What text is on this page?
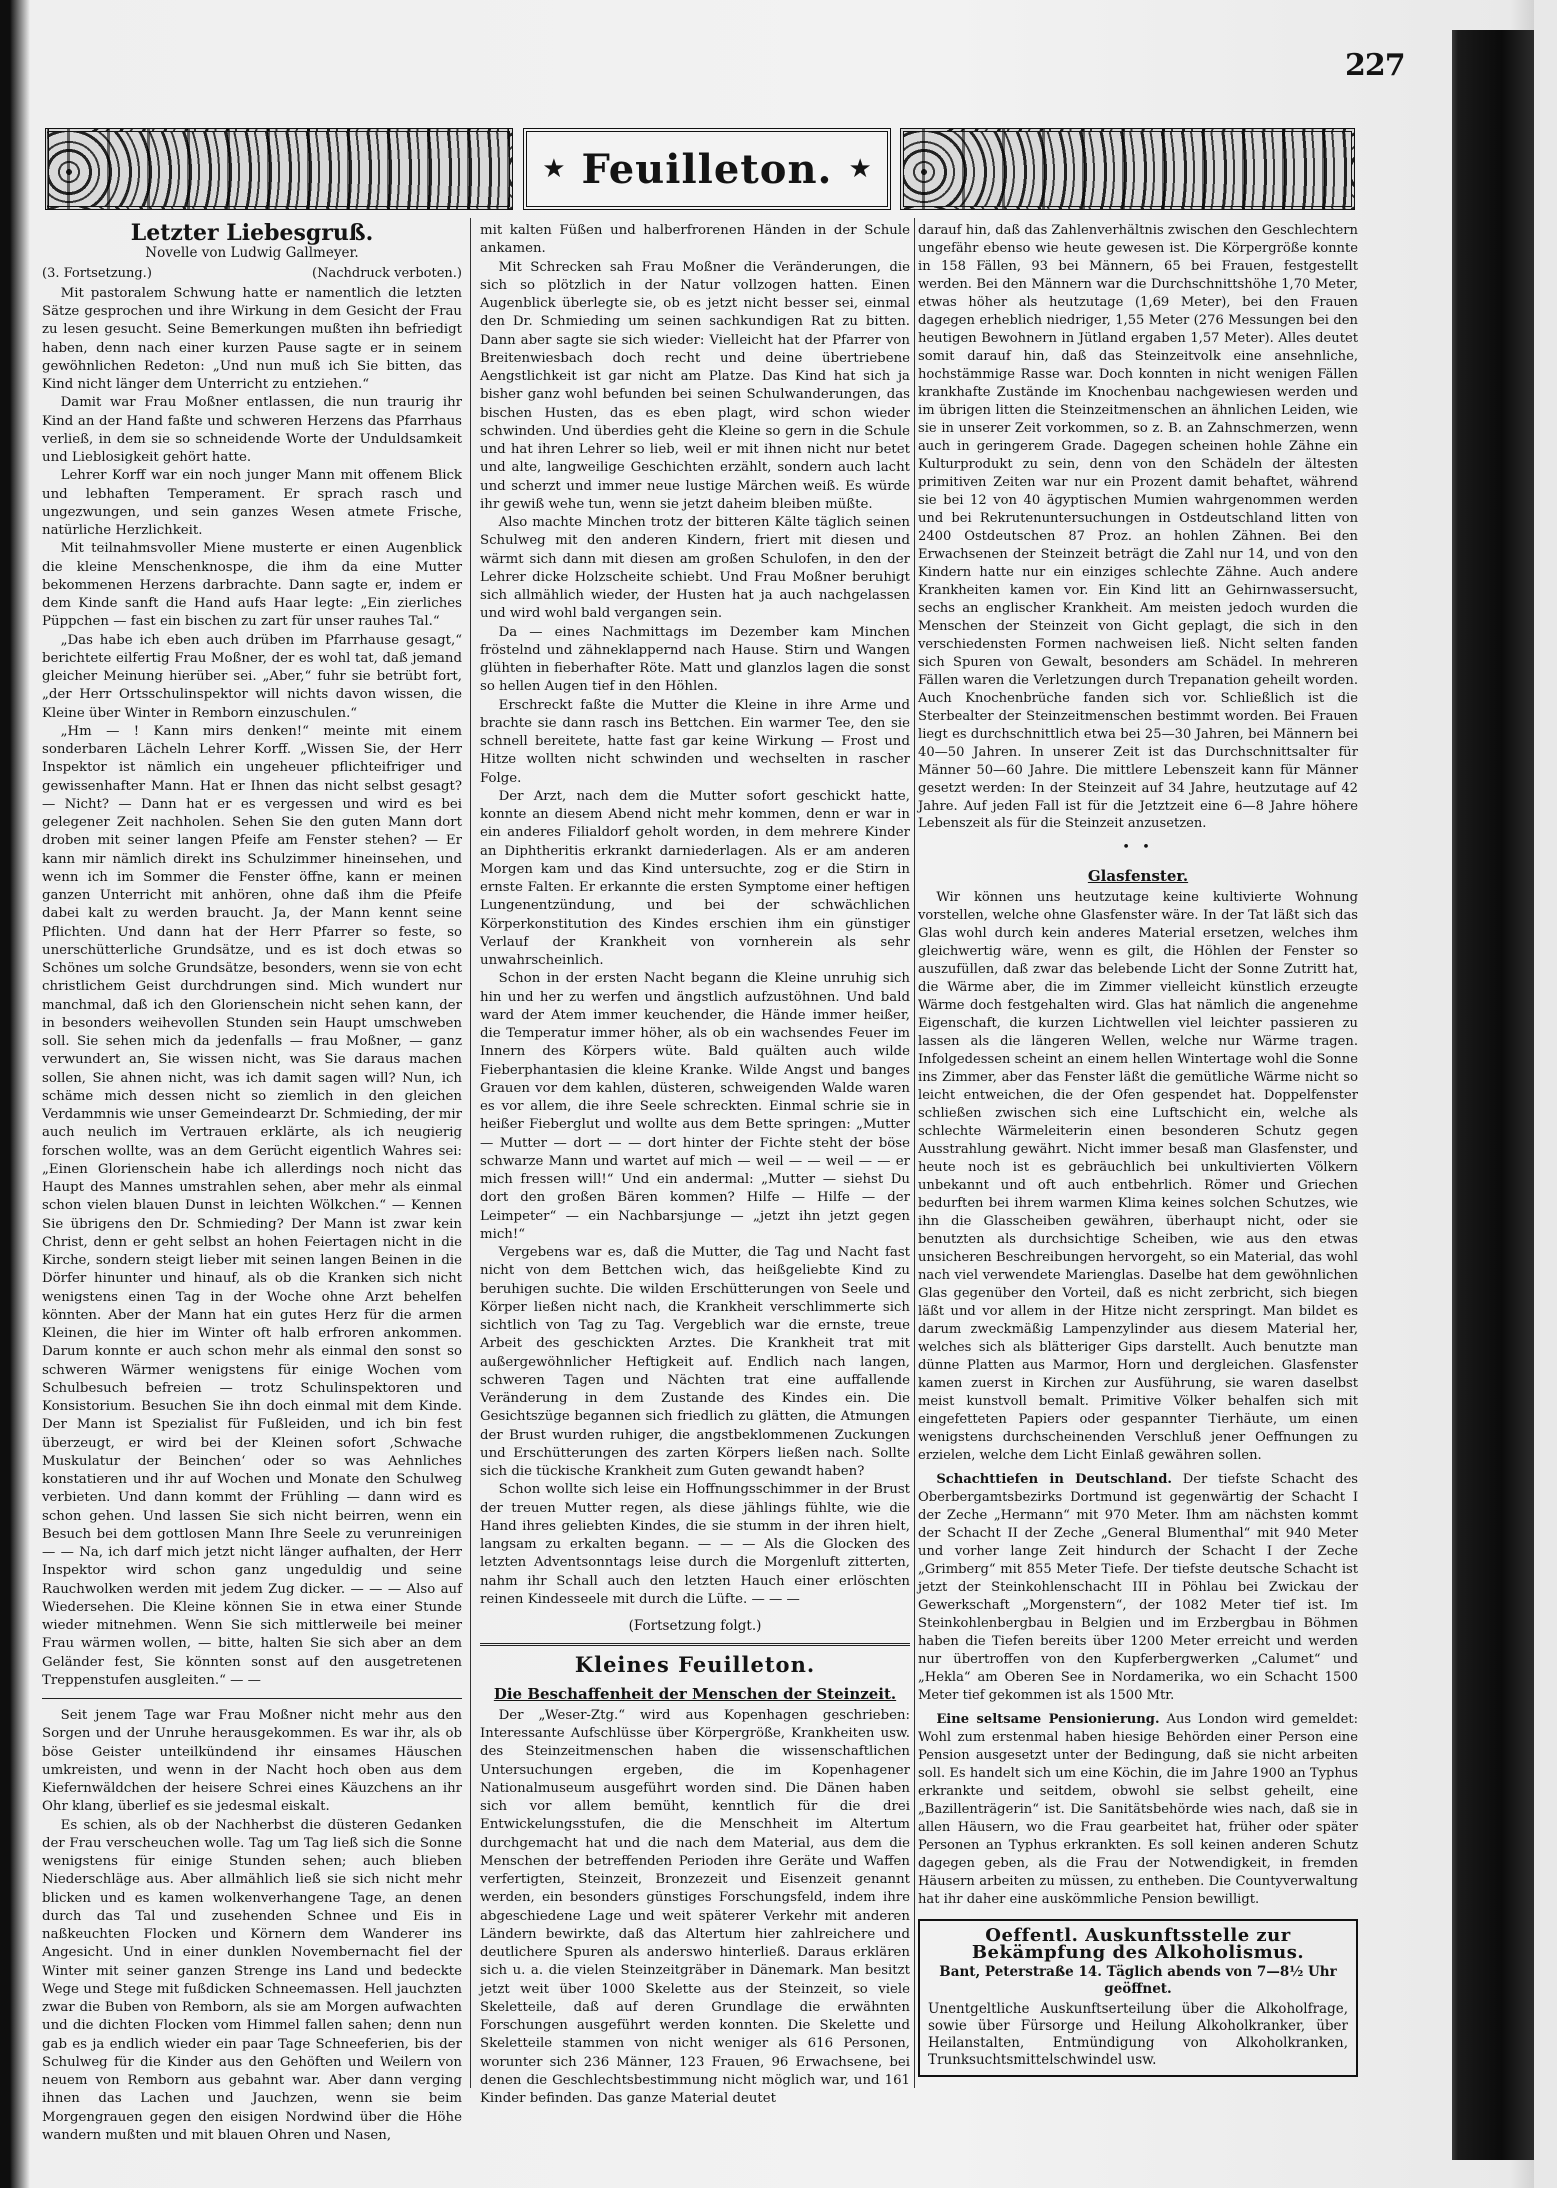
227
★ Feuilleton. ★
Letzter Liebesgruß.
Novelle von Ludwig Gallmeyer.
(3. Fortsetzung.)	(Nachdruck verboten.)

Mit pastoralem Schwung hatte er namentlich die letzten Sätze gesprochen und ihre Wirkung in dem Gesicht der Frau zu lesen gesucht. Seine Bemerkungen mußten ihn befriedigt haben, denn nach einer kurzen Pause sagte er in seinem gewöhnlichen Redeton: „Und nun muß ich Sie bitten, das Kind nicht länger dem Unterricht zu entziehen.“

Damit war Frau Moßner entlassen, die nun traurig ihr Kind an der Hand faßte und schweren Herzens das Pfarrhaus verließ, in dem sie so schneidende Worte der Unduldsamkeit und Lieblosigkeit gehört hatte.

Lehrer Korff war ein noch junger Mann mit offenem Blick und lebhaften Temperament. Er sprach rasch und ungezwungen, und sein ganzes Wesen atmete Frische, natürliche Herzlichkeit.

Mit teilnahmsvoller Miene musterte er einen Augenblick die kleine Menschenknospe, die ihm da eine Mutter bekommenen Herzens darbrachte. Dann sagte er, indem er dem Kinde sanft die Hand aufs Haar legte: „Ein zierliches Püppchen — fast ein bischen zu zart für unser rauhes Tal.“

„Das habe ich eben auch drüben im Pfarrhause gesagt,“ berichtete eilfertig Frau Moßner, der es wohl tat, daß jemand gleicher Meinung hierüber sei. „Aber,“ fuhr sie betrübt fort, „der Herr Ortsschulinspektor will nichts davon wissen, die Kleine über Winter in Remborn einzuschulen.“

„Hm — ! Kann mirs denken!“ meinte mit einem sonderbaren Lächeln Lehrer Korff. „Wissen Sie, der Herr Inspektor ist nämlich ein ungeheuer pflichteifriger und gewissenhafter Mann. Hat er Ihnen das nicht selbst gesagt? — Nicht? — Dann hat er es vergessen und wird es bei gelegener Zeit nachholen. Sehen Sie den guten Mann dort droben mit seiner langen Pfeife am Fenster stehen? — Er kann mir nämlich direkt ins Schulzimmer hineinsehen, und wenn ich im Sommer die Fenster öffne, kann er meinen ganzen Unterricht mit anhören, ohne daß ihm die Pfeife dabei kalt zu werden braucht. Ja, der Mann kennt seine Pflichten. Und dann hat der Herr Pfarrer so feste, so unerschütterliche Grundsätze, und es ist doch etwas so Schönes um solche Grundsätze, besonders, wenn sie von echt christlichem Geist durchdrungen sind. Mich wundert nur manchmal, daß ich den Glorienschein nicht sehen kann, der in besonders weihevollen Stunden sein Haupt umschweben soll. Sie sehen mich da jedenfalls — frau Moßner, — ganz verwundert an, Sie wissen nicht, was Sie daraus machen sollen, Sie ahnen nicht, was ich damit sagen will? Nun, ich schäme mich dessen nicht so ziemlich in den gleichen Verdammnis wie unser Gemeindearzt Dr. Schmieding, der mir auch neulich im Vertrauen erklärte, als ich neugierig forschen wollte, was an dem Gerücht eigentlich Wahres sei: „Einen Glorienschein habe ich allerdings noch nicht das Haupt des Mannes umstrahlen sehen, aber mehr als einmal schon vielen blauen Dunst in leichten Wölkchen.“ — Kennen Sie übrigens den Dr. Schmieding? Der Mann ist zwar kein Christ, denn er geht selbst an hohen Feiertagen nicht in die Kirche, sondern steigt lieber mit seinen langen Beinen in die Dörfer hinunter und hinauf, als ob die Kranken sich nicht wenigstens einen Tag in der Woche ohne Arzt behelfen könnten. Aber der Mann hat ein gutes Herz für die armen Kleinen, die hier im Winter oft halb erfroren ankommen. Darum konnte er auch schon mehr als einmal den sonst so schweren Wärmer wenigstens für einige Wochen vom Schulbesuch befreien — trotz Schulinspektoren und Konsistorium. Besuchen Sie ihn doch einmal mit dem Kinde. Der Mann ist Spezialist für Fußleiden, und ich bin fest überzeugt, er wird bei der Kleinen sofort ‚Schwache Muskulatur der Beinchen‘ oder so was Aehnliches konstatieren und ihr auf Wochen und Monate den Schulweg verbieten. Und dann kommt der Frühling — dann wird es schon gehen. Und lassen Sie sich nicht beirren, wenn ein Besuch bei dem gottlosen Mann Ihre Seele zu verunreinigen — — Na, ich darf mich jetzt nicht länger aufhalten, der Herr Inspektor wird schon ganz ungeduldig und seine Rauchwolken werden mit jedem Zug dicker. — — — Also auf Wiedersehen. Die Kleine können Sie in etwa einer Stunde wieder mitnehmen. Wenn Sie sich mittlerweile bei meiner Frau wärmen wollen, — bitte, halten Sie sich aber an dem Geländer fest, Sie könnten sonst auf den ausgetretenen Treppenstufen ausgleiten.“ — —

Seit jenem Tage war Frau Moßner nicht mehr aus den Sorgen und der Unruhe herausgekommen. Es war ihr, als ob böse Geister unteilkündend ihr einsames Häuschen umkreisten, und wenn in der Nacht hoch oben aus dem Kiefernwäldchen der heisere Schrei eines Käuzchens an ihr Ohr klang, überlief es sie jedesmal eiskalt.

Es schien, als ob der Nachherbst die düsteren Gedanken der Frau verscheuchen wolle. Tag um Tag ließ sich die Sonne wenigstens für einige Stunden sehen; auch blieben Niederschläge aus. Aber allmählich ließ sie sich nicht mehr blicken und es kamen wolkenverhangene Tage, an denen durch das Tal und zusehenden Schnee und Eis in naßkeuchten Flocken und Körnern dem Wanderer ins Angesicht. Und in einer dunklen Novembernacht fiel der Winter mit seiner ganzen Strenge ins Land und bedeckte Wege und Stege mit fußdicken Schneemassen. Hell jauchzten zwar die Buben von Remborn, als sie am Morgen aufwachten und die dichten Flocken vom Himmel fallen sahen; denn nun gab es ja endlich wieder ein paar Tage Schneeferien, bis der Schulweg für die Kinder aus den Gehöften und Weilern von neuem von Remborn aus gebahnt war. Aber dann verging ihnen das Lachen und Jauchzen, wenn sie beim Morgengrauen gegen den eisigen Nordwind über die Höhe wandern mußten und mit blauen Ohren und Nasen,

mit kalten Füßen und halberfrorenen Händen in der Schule ankamen.

Mit Schrecken sah Frau Moßner die Veränderungen, die sich so plötzlich in der Natur vollzogen hatten. Einen Augenblick überlegte sie, ob es jetzt nicht besser sei, einmal den Dr. Schmieding um seinen sachkundigen Rat zu bitten. Dann aber sagte sie sich wieder: Vielleicht hat der Pfarrer von Breitenwiesbach doch recht und deine übertriebene Aengstlichkeit ist gar nicht am Platze. Das Kind hat sich ja bisher ganz wohl befunden bei seinen Schulwanderungen, das bischen Husten, das es eben plagt, wird schon wieder schwinden. Und überdies geht die Kleine so gern in die Schule und hat ihren Lehrer so lieb, weil er mit ihnen nicht nur betet und alte, langweilige Geschichten erzählt, sondern auch lacht und scherzt und immer neue lustige Märchen weiß. Es würde ihr gewiß wehe tun, wenn sie jetzt daheim bleiben müßte.

Also machte Minchen trotz der bitteren Kälte täglich seinen Schulweg mit den anderen Kindern, friert mit diesen und wärmt sich dann mit diesen am großen Schulofen, in den der Lehrer dicke Holzscheite schiebt. Und Frau Moßner beruhigt sich allmählich wieder, der Husten hat ja auch nachgelassen und wird wohl bald vergangen sein.

Da — eines Nachmittags im Dezember kam Minchen fröstelnd und zähneklappernd nach Hause. Stirn und Wangen glühten in fieberhafter Röte. Matt und glanzlos lagen die sonst so hellen Augen tief in den Höhlen.

Erschreckt faßte die Mutter die Kleine in ihre Arme und brachte sie dann rasch ins Bettchen. Ein warmer Tee, den sie schnell bereitete, hatte fast gar keine Wirkung — Frost und Hitze wollten nicht schwinden und wechselten in rascher Folge.

Der Arzt, nach dem die Mutter sofort geschickt hatte, konnte an diesem Abend nicht mehr kommen, denn er war in ein anderes Filialdorf geholt worden, in dem mehrere Kinder an Diphtheritis erkrankt darniederlagen. Als er am anderen Morgen kam und das Kind untersuchte, zog er die Stirn in ernste Falten. Er erkannte die ersten Symptome einer heftigen Lungenentzündung, und bei der schwächlichen Körperkonstitution des Kindes erschien ihm ein günstiger Verlauf der Krankheit von vornherein als sehr unwahrscheinlich.

Schon in der ersten Nacht begann die Kleine unruhig sich hin und her zu werfen und ängstlich aufzustöhnen. Und bald ward der Atem immer keuchender, die Hände immer heißer, die Temperatur immer höher, als ob ein wachsendes Feuer im Innern des Körpers wüte. Bald quälten auch wilde Fieberphantasien die kleine Kranke. Wilde Angst und banges Grauen vor dem kahlen, düsteren, schweigenden Walde waren es vor allem, die ihre Seele schreckten. Einmal schrie sie in heißer Fieberglut und wollte aus dem Bette springen: „Mutter — Mutter — dort — — dort hinter der Fichte steht der böse schwarze Mann und wartet auf mich — weil — — weil — — er mich fressen will!“ Und ein andermal: „Mutter — siehst Du dort den großen Bären kommen? Hilfe — Hilfe — der Leimpeter“ — ein Nachbarsjunge — „jetzt ihn jetzt gegen mich!“

Vergebens war es, daß die Mutter, die Tag und Nacht fast nicht von dem Bettchen wich, das heißgeliebte Kind zu beruhigen suchte. Die wilden Erschütterungen von Seele und Körper ließen nicht nach, die Krankheit verschlimmerte sich sichtlich von Tag zu Tag. Vergeblich war die ernste, treue Arbeit des geschickten Arztes. Die Krankheit trat mit außergewöhnlicher Heftigkeit auf. Endlich nach langen, schweren Tagen und Nächten trat eine auffallende Veränderung in dem Zustande des Kindes ein. Die Gesichtszüge begannen sich friedlich zu glätten, die Atmungen der Brust wurden ruhiger, die angstbeklommenen Zuckungen und Erschütterungen des zarten Körpers ließen nach. Sollte sich die tückische Krankheit zum Guten gewandt haben?

Schon wollte sich leise ein Hoffnungsschimmer in der Brust der treuen Mutter regen, als diese jählings fühlte, wie die Hand ihres geliebten Kindes, die sie stumm in der ihren hielt, langsam zu erkalten begann. — — — Als die Glocken des letzten Adventsonntags leise durch die Morgenluft zitterten, nahm ihr Schall auch den letzten Hauch einer erlöschten reinen Kindesseele mit durch die Lüfte. — — —

(Fortsetzung folgt.)
Kleines Feuilleton.
Die Beschaffenheit der Menschen der Steinzeit.

Der „Weser-Ztg.“ wird aus Kopenhagen geschrieben: Interessante Aufschlüsse über Körpergröße, Krankheiten usw. des Steinzeitmenschen haben die wissenschaftlichen Untersuchungen ergeben, die im Kopenhagener Nationalmuseum ausgeführt worden sind. Die Dänen haben sich vor allem bemüht, kenntlich für die drei Entwickelungsstufen, die die Menschheit im Altertum durchgemacht hat und die nach dem Material, aus dem die Menschen der betreffenden Perioden ihre Geräte und Waffen verfertigten, Steinzeit, Bronzezeit und Eisenzeit genannt werden, ein besonders günstiges Forschungsfeld, indem ihre abgeschiedene Lage und weit späterer Verkehr mit anderen Ländern bewirkte, daß das Altertum hier zahlreichere und deutlichere Spuren als anderswo hinterließ. Daraus erklären sich u. a. die vielen Steinzeitgräber in Dänemark. Man besitzt jetzt weit über 1000 Skelette aus der Steinzeit, so viele Skeletteile, daß auf deren Grundlage die erwähnten Forschungen ausgeführt werden konnten. Die Skelette und Skeletteile stammen von nicht weniger als 616 Personen, worunter sich 236 Männer, 123 Frauen, 96 Erwachsene, bei denen die Geschlechtsbestimmung nicht möglich war, und 161 Kinder befinden. Das ganze Material deutet

darauf hin, daß das Zahlenverhältnis zwischen den Geschlechtern ungefähr ebenso wie heute gewesen ist. Die Körpergröße konnte in 158 Fällen, 93 bei Männern, 65 bei Frauen, festgestellt werden. Bei den Männern war die Durchschnittshöhe 1,70 Meter, etwas höher als heutzutage (1,69 Meter), bei den Frauen dagegen erheblich niedriger, 1,55 Meter (276 Messungen bei den heutigen Bewohnern in Jütland ergaben 1,57 Meter). Alles deutet somit darauf hin, daß das Steinzeitvolk eine ansehnliche, hochstämmige Rasse war. Doch konnten in nicht wenigen Fällen krankhafte Zustände im Knochenbau nachgewiesen werden und im übrigen litten die Steinzeitmenschen an ähnlichen Leiden, wie sie in unserer Zeit vorkommen, so z. B. an Zahnschmerzen, wenn auch in geringerem Grade. Dagegen scheinen hohle Zähne ein Kulturprodukt zu sein, denn von den Schädeln der ältesten primitiven Zeiten war nur ein Prozent damit behaftet, während sie bei 12 von 40 ägyptischen Mumien wahrgenommen werden und bei Rekrutenuntersuchungen in Ostdeutschland litten von 2400 Ostdeutschen 87 Proz. an hohlen Zähnen. Bei den Erwachsenen der Steinzeit beträgt die Zahl nur 14, und von den Kindern hatte nur ein einziges schlechte Zähne. Auch andere Krankheiten kamen vor. Ein Kind litt an Gehirnwassersucht, sechs an englischer Krankheit. Am meisten jedoch wurden die Menschen der Steinzeit von Gicht geplagt, die sich in den verschiedensten Formen nachweisen ließ. Nicht selten fanden sich Spuren von Gewalt, besonders am Schädel. In mehreren Fällen waren die Verletzungen durch Trepanation geheilt worden. Auch Knochenbrüche fanden sich vor. Schließlich ist die Sterbealter der Steinzeitmenschen bestimmt worden. Bei Frauen liegt es durchschnittlich etwa bei 25—30 Jahren, bei Männern bei 40—50 Jahren. In unserer Zeit ist das Durchschnittsalter für Männer 50—60 Jahre. Die mittlere Lebenszeit kann für Männer gesetzt werden: In der Steinzeit auf 34 Jahre, heutzutage auf 42 Jahre. Auf jeden Fall ist für die Jetztzeit eine 6—8 Jahre höhere Lebenszeit als für die Steinzeit anzusetzen.

• •
Glasfenster.

Wir können uns heutzutage keine kultivierte Wohnung vorstellen, welche ohne Glasfenster wäre. In der Tat läßt sich das Glas wohl durch kein anderes Material ersetzen, welches ihm gleichwertig wäre, wenn es gilt, die Höhlen der Fenster so auszufüllen, daß zwar das belebende Licht der Sonne Zutritt hat, die Wärme aber, die im Zimmer vielleicht künstlich erzeugte Wärme doch festgehalten wird. Glas hat nämlich die angenehme Eigenschaft, die kurzen Lichtwellen viel leichter passieren zu lassen als die längeren Wellen, welche nur Wärme tragen. Infolgedessen scheint an einem hellen Wintertage wohl die Sonne ins Zimmer, aber das Fenster läßt die gemütliche Wärme nicht so leicht entweichen, die der Ofen gespendet hat. Doppelfenster schließen zwischen sich eine Luftschicht ein, welche als schlechte Wärmeleiterin einen besonderen Schutz gegen Ausstrahlung gewährt. Nicht immer besaß man Glasfenster, und heute noch ist es gebräuchlich bei unkultivierten Völkern unbekannt und oft auch entbehrlich. Römer und Griechen bedurften bei ihrem warmen Klima keines solchen Schutzes, wie ihn die Glasscheiben gewähren, überhaupt nicht, oder sie benutzten als durchsichtige Scheiben, wie aus den etwas unsicheren Beschreibungen hervorgeht, so ein Material, das wohl nach viel verwendete Marienglas. Daselbe hat dem gewöhnlichen Glas gegenüber den Vorteil, daß es nicht zerbricht, sich biegen läßt und vor allem in der Hitze nicht zerspringt. Man bildet es darum zweckmäßig Lampenzylinder aus diesem Material her, welches sich als blätteriger Gips darstellt. Auch benutzte man dünne Platten aus Marmor, Horn und dergleichen. Glasfenster kamen zuerst in Kirchen zur Ausführung, sie waren daselbst meist kunstvoll bemalt. Primitive Völker behalfen sich mit eingefetteten Papiers oder gespannter Tierhäute, um einen wenigstens durchscheinenden Verschluß jener Oeffnungen zu erzielen, welche dem Licht Einlaß gewähren sollen.

Schachttiefen in Deutschland. Der tiefste Schacht des Oberbergamtsbezirks Dortmund ist gegenwärtig der Schacht I der Zeche „Hermann“ mit 970 Meter. Ihm am nächsten kommt der Schacht II der Zeche „General Blumenthal“ mit 940 Meter und vorher lange Zeit hindurch der Schacht I der Zeche „Grimberg“ mit 855 Meter Tiefe. Der tiefste deutsche Schacht ist jetzt der Steinkohlenschacht III in Pöhlau bei Zwickau der Gewerkschaft „Morgenstern“, der 1082 Meter tief ist. Im Steinkohlenbergbau in Belgien und im Erzbergbau in Böhmen haben die Tiefen bereits über 1200 Meter erreicht und werden nur übertroffen von den Kupferbergwerken „Calumet“ und „Hekla“ am Oberen See in Nordamerika, wo ein Schacht 1500 Meter tief gekommen ist als 1500 Mtr.

Eine seltsame Pensionierung. Aus London wird gemeldet: Wohl zum erstenmal haben hiesige Behörden einer Person eine Pension ausgesetzt unter der Bedingung, daß sie nicht arbeiten soll. Es handelt sich um eine Köchin, die im Jahre 1900 an Typhus erkrankte und seitdem, obwohl sie selbst geheilt, eine „Bazillenträgerin“ ist. Die Sanitätsbehörde wies nach, daß sie in allen Häusern, wo die Frau gearbeitet hat, früher oder später Personen an Typhus erkrankten. Es soll keinen anderen Schutz dagegen geben, als die Frau der Notwendigkeit, in fremden Häusern arbeiten zu müssen, zu entheben. Die Countyverwaltung hat ihr daher eine auskömmliche Pension bewilligt.

Oeffentl. Auskunftsstelle zur Bekämpfung des Alkoholismus.
Bant, Peterstraße 14. Täglich abends von 7—8½ Uhr geöffnet.
Unentgeltliche Auskunftserteilung über die Alkoholfrage, sowie über Fürsorge und Heilung Alkoholkranker, über Heilanstalten, Entmündigung von Alkoholkranken, Trunksuchtsmittelschwindel usw.
